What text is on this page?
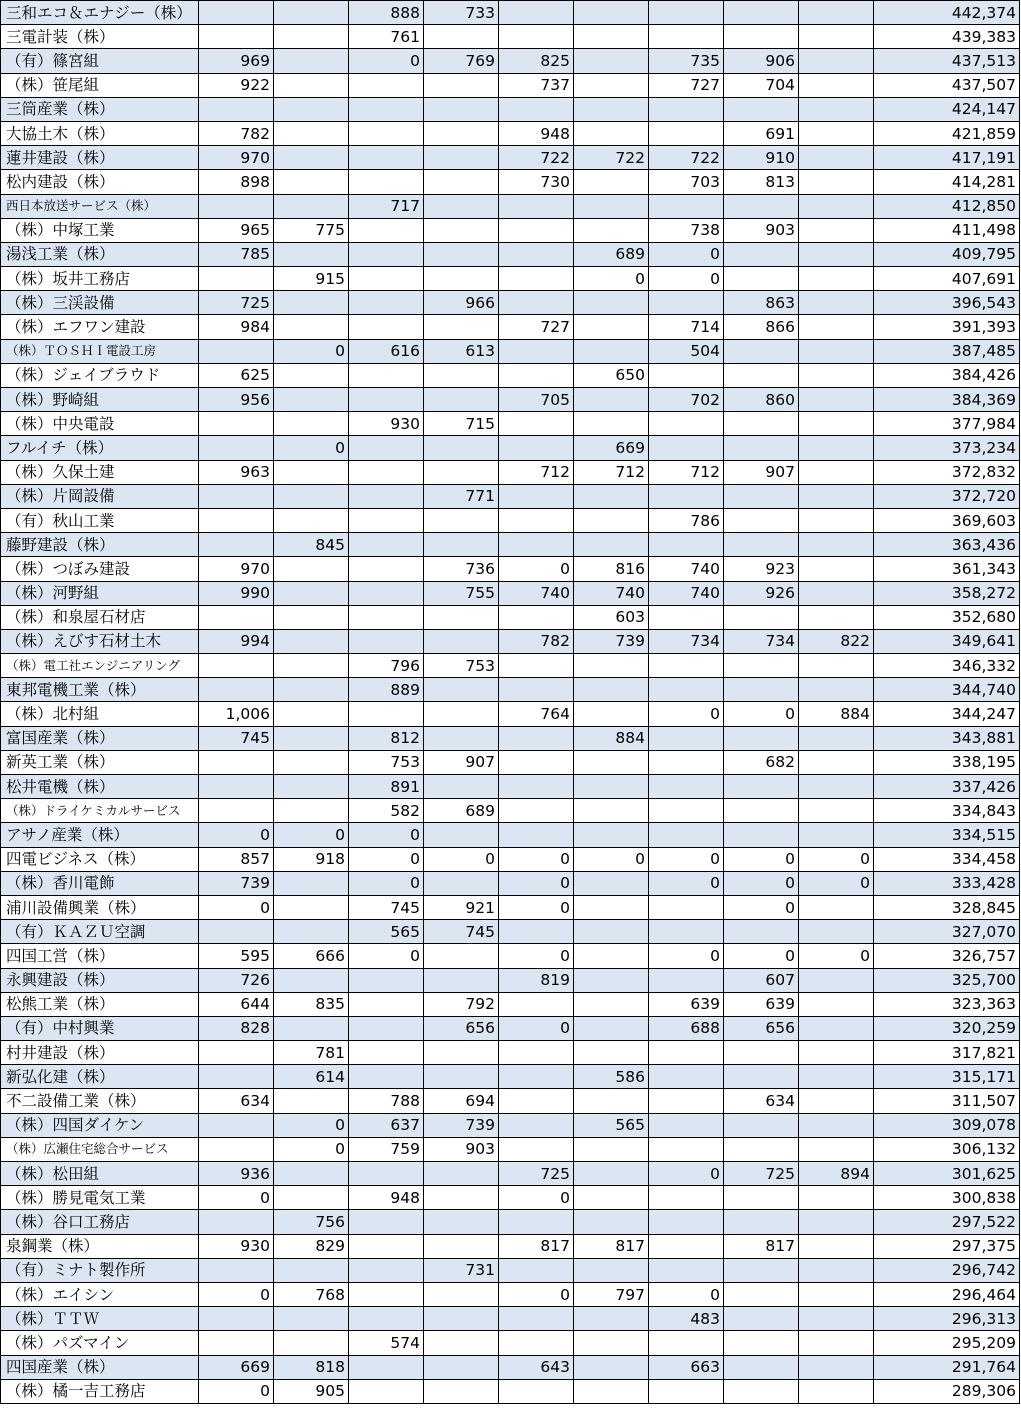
三和エコ＆エナジー（株）			888	733						442,374
三電計装（株）			761							439,383
（有）篠宮組	969		0	769	825		735	906		437,513
（株）笹尾組	922				737		727	704		437,507
三筒産業（株）										424,147
大協土木（株）	782				948			691		421,859
蓮井建設（株）	970				722	722	722	910		417,191
松内建設（株）	898				730		703	813		414,281
西日本放送サービス（株）			717							412,850
（株）中塚工業	965	775					738	903		411,498
湯浅工業（株）	785					689	0			409,795
（株）坂井工務店		915				0	0			407,691
（株）三渓設備	725			966				863		396,543
（株）エフワン建設	984				727		714	866		391,393
（株）ＴＯＳＨＩ電設工房		0	616	613			504			387,485
（株）ジェイブラウド	625					650				384,426
（株）野崎組	956				705		702	860		384,369
（株）中央電設			930	715						377,984
フルイチ（株）		0				669				373,234
（株）久保土建	963				712	712	712	907		372,832
（株）片岡設備				771						372,720
（有）秋山工業							786			369,603
藤野建設（株）		845								363,436
（株）つぼみ建設	970			736	0	816	740	923		361,343
（株）河野組	990			755	740	740	740	926		358,272
（株）和泉屋石材店						603				352,680
（株）えびす石材土木	994				782	739	734	734	822	349,641
（株）電工社エンジニアリング			796	753						346,332
東邦電機工業（株）			889							344,740
（株）北村組	1,006				764		0	0	884	344,247
富国産業（株）	745		812			884				343,881
新英工業（株）			753	907				682		338,195
松井電機（株）			891							337,426
（株）ドライケミカルサービス			582	689						334,843
アサノ産業（株）	0	0	0							334,515
四電ビジネス（株）	857	918	0	0	0	0	0	0	0	334,458
（株）香川電飾	739		0		0		0	0	0	333,428
浦川設備興業（株）	0		745	921	0			0		328,845
（有）ＫＡＺＵ空調			565	745						327,070
四国工営（株）	595	666	0		0		0	0	0	326,757
永興建設（株）	726				819			607		325,700
松熊工業（株）	644	835		792			639	639		323,363
（有）中村興業	828			656	0		688	656		320,259
村井建設（株）		781								317,821
新弘化建（株）		614				586				315,171
不二設備工業（株）	634		788	694				634		311,507
（株）四国ダイケン		0	637	739		565				309,078
（株）広瀬住宅総合サービス		0	759	903						306,132
（株）松田組	936				725		0	725	894	301,625
（株）勝見電気工業	0		948		0					300,838
（株）谷口工務店		756								297,522
泉鋼業（株）	930	829			817	817		817		297,375
（有）ミナト製作所				731						296,742
（株）エイシン	0	768			0	797	0			296,464
（株）ＴＴＷ							483			296,313
（株）パズマイン			574							295,209
四国産業（株）	669	818			643		663			291,764
（株）橘一吉工務店	0	905								289,306
